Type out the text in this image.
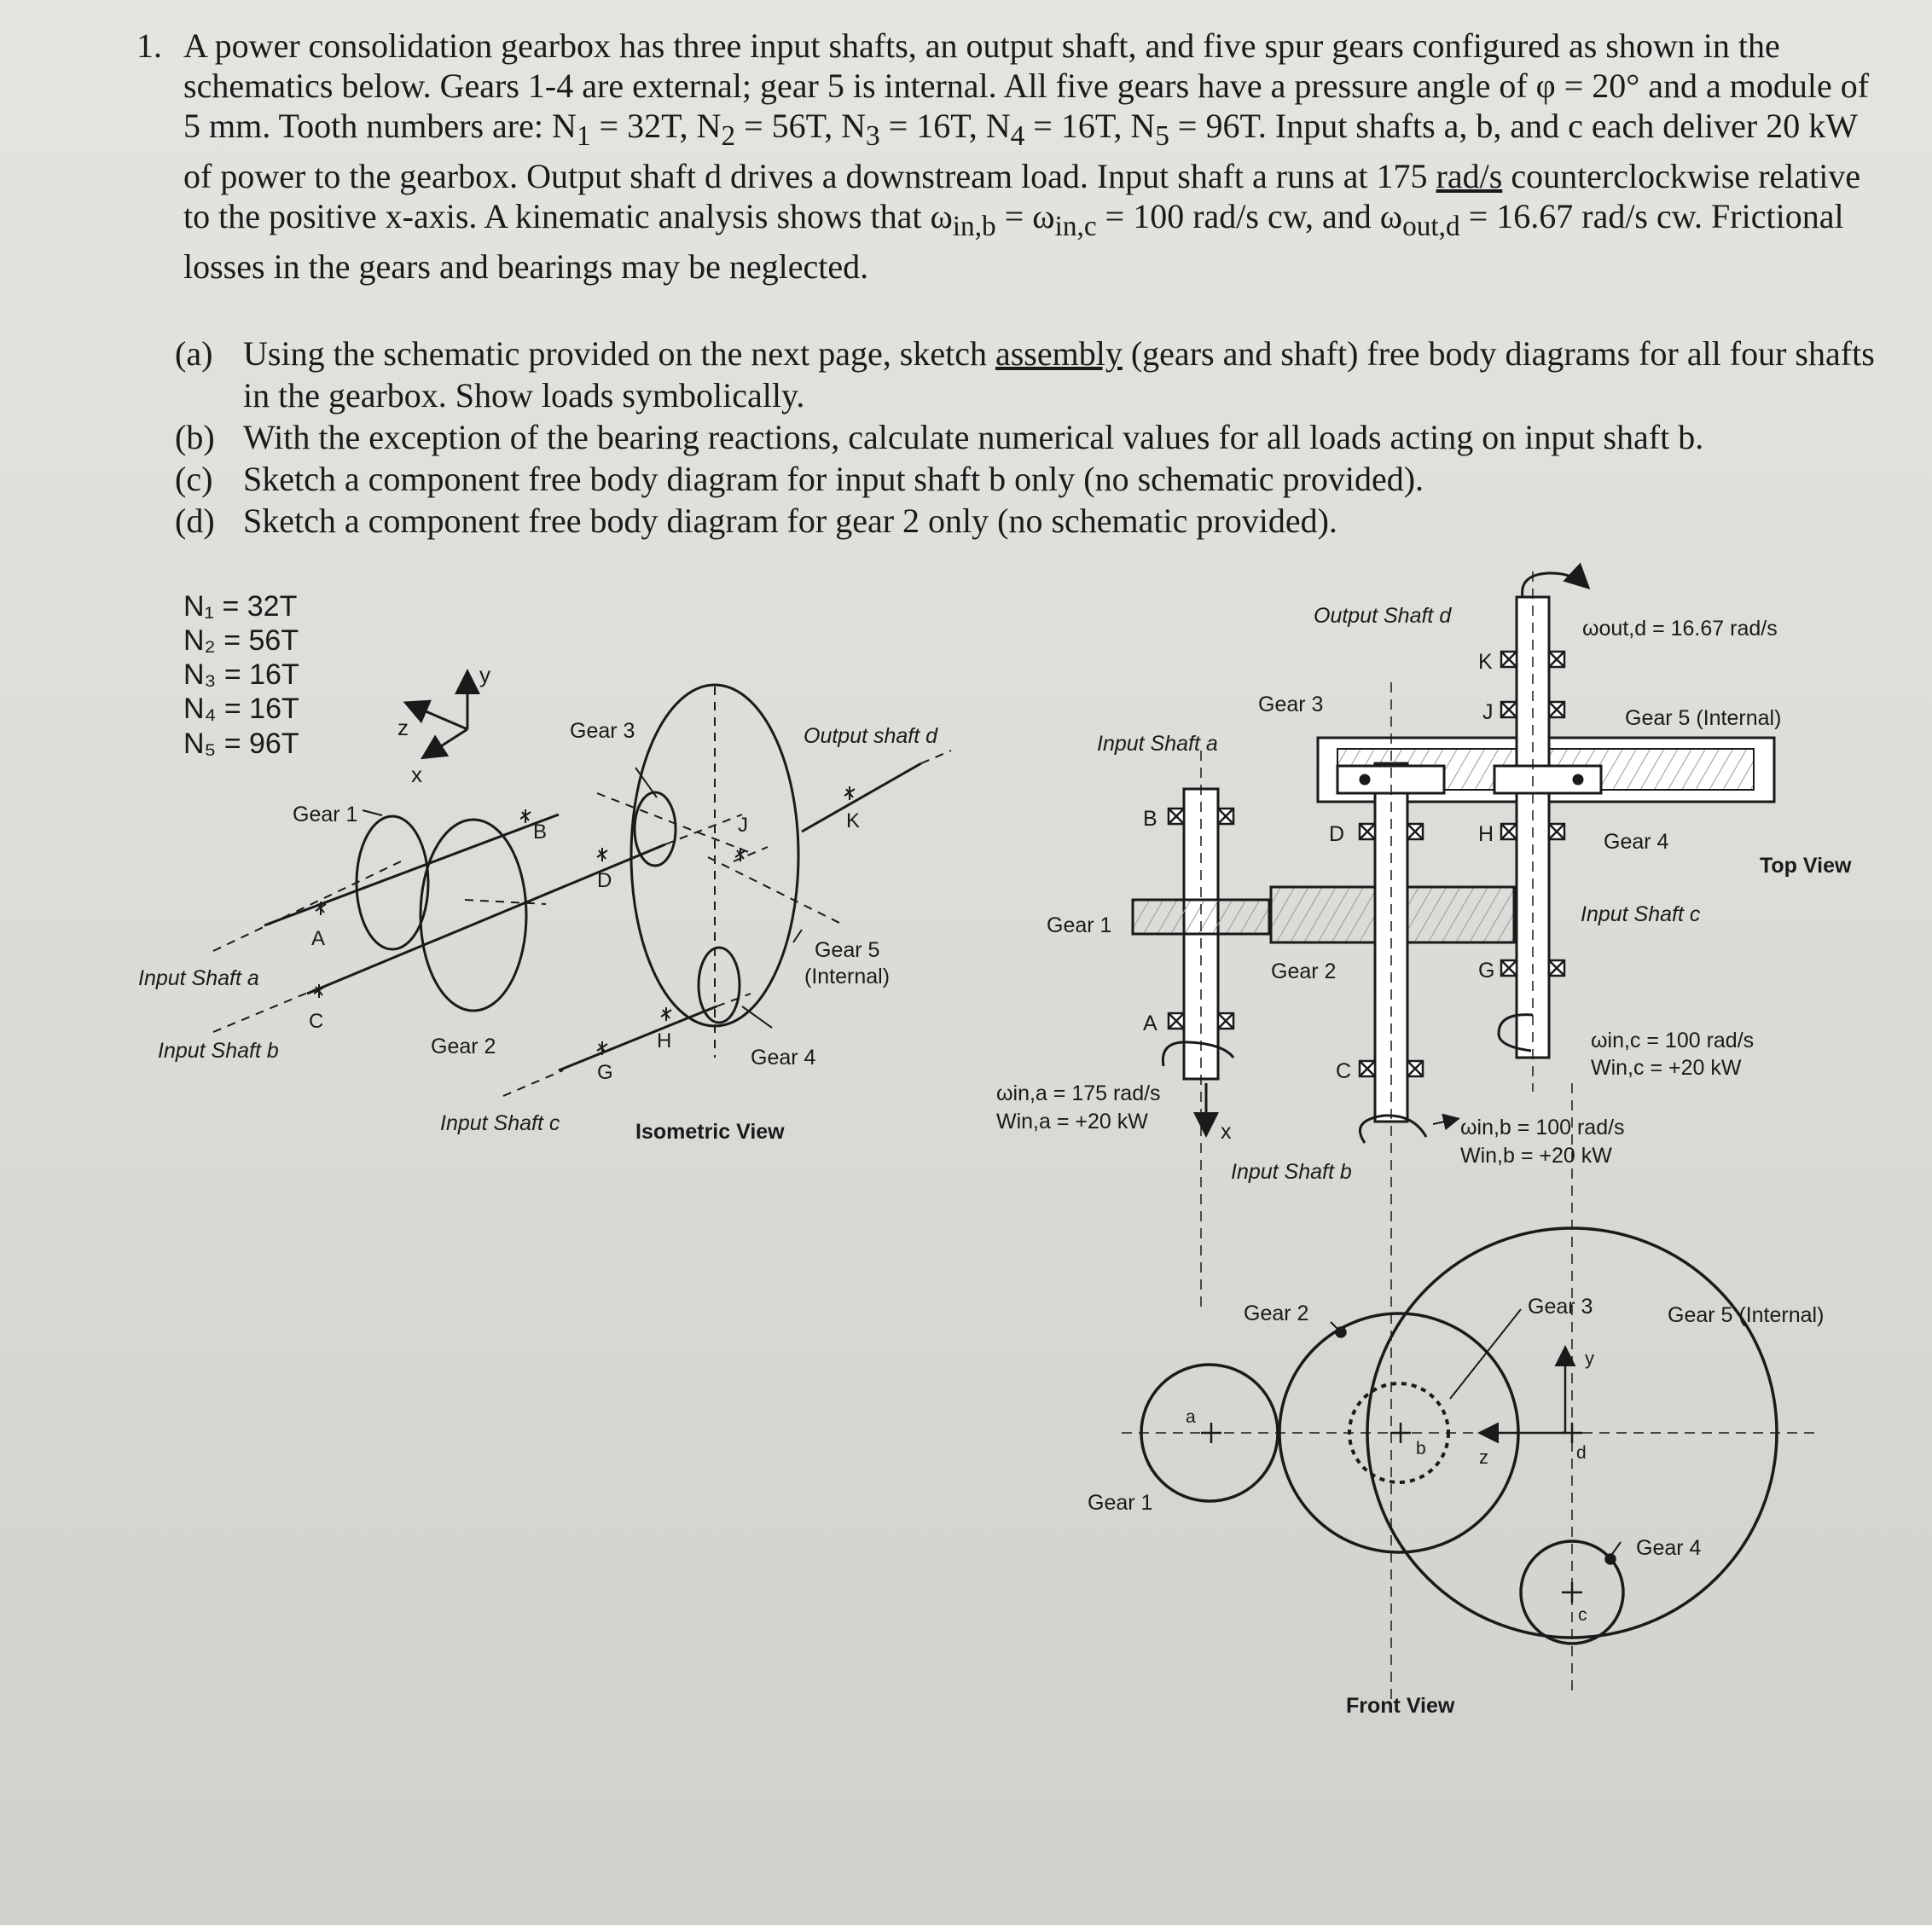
1. A power consolidation gearbox has three input shafts, an output shaft, and five spur gears configured as shown in the schematics below. Gears 1-4 are external; gear 5 is internal. All five gears have a pressure angle of φ = 20° and a module of 5 mm. Tooth numbers are: $N_1 = 32T$, $N_2 = 56T$, $N_3 = 16T$, $N_4 = 16T$, $N_5 = 96T$. Input shafts a, b, and c each deliver 20 kW of power to the gearbox. Output shaft d drives a downstream load. Input shaft a runs at 175 rad/s counterclockwise relative to the positive x-axis. A kinematic analysis shows that $\omega_{in,b} = \omega_{in,c} = 100$ rad/s cw, and $\omega_{out,d} = 16.67$ rad/s cw. Frictional losses in the gears and bearings may be neglected.
(a) Using the schematic provided on the next page, sketch assembly (gears and shaft) free body diagrams for all four shafts in the gearbox. Show loads symbolically.
(b) With the exception of the bearing reactions, calculate numerical values for all loads acting on input shaft b.
(c) Sketch a component free body diagram for input shaft b only (no schematic provided).
(d) Sketch a component free body diagram for gear 2 only (no schematic provided).
N₁ = 32T
N₂ = 56T
N₃ = 16T
N₄ = 16T
N₅ = 96T
y
z
x
A
B
C
D
G
H
J	K
Gear 1
Gear 2
Gear 3
Gear 4
Gear 5
(Internal)
Input Shaft a
Input Shaft b
Input Shaft c
Output shaft d
Isometric View
Input Shaft a
Input Shaft b
Input Shaft c
Output Shaft d
Gear 1
Gear 2
Gear 3
Gear 4
Gear 5 (Internal)
B
A
D
C
K
J
H
G
ωin,a = 175 rad/s
Win,a = +20 kW	ωin,b = 100 rad/s
Win,b = +20 kW
ωin,c = 100 rad/s
Win,c = +20 kW
ωout,d = 16.67 rad/s
x
Top View
Gear 1
Gear 2	Gear 3
Gear 4
Gear 5 (Internal)
a
b
c
d
y
z
Front View
